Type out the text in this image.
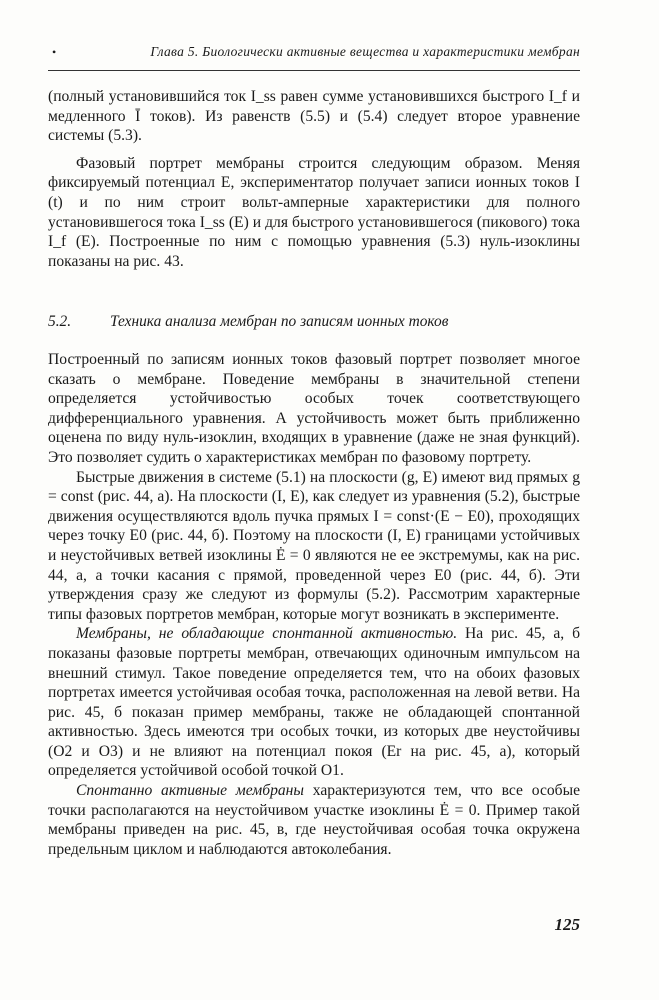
•	Глава 5. Биологически активные вещества и характеристики мембран

(полный установившийся ток I_ss равен сумме установившихся быстрого I_f и медленного Ī токов). Из равенств (5.5) и (5.4) следует второе уравнение системы (5.3).

Фазовый портрет мембраны строится следующим образом. Меняя фиксируемый потенциал E, экспериментатор получает записи ионных токов I (t) и по ним строит вольт-амперные характеристики для полного установившегося тока I_ss (E) и для быстрого установившегося (пикового) тока I_f (E). Построенные по ним с помощью уравнения (5.3) нуль-изоклины показаны на рис. 43.

5.2.	Техника анализа мембран по записям ионных токов

Построенный по записям ионных токов фазовый портрет позволяет многое сказать о мембране. Поведение мембраны в значительной степени определяется устойчивостью особых точек соответствующего дифференциального уравнения. А устойчивость может быть приближенно оценена по виду нуль-изоклин, входящих в уравнение (даже не зная функций). Это позволяет судить о характеристиках мембран по фазовому портрету.

Быстрые движения в системе (5.1) на плоскости (g, E) имеют вид прямых g = const (рис. 44, а). На плоскости (I, E), как следует из уравнения (5.2), быстрые движения осуществляются вдоль пучка прямых I = const·(E − E0), проходящих через точку E0 (рис. 44, б). Поэтому на плоскости (I, E) границами устойчивых и неустойчивых ветвей изоклины Ė = 0 являются не ее экстремумы, как на рис. 44, а, а точки касания с прямой, проведенной через E0 (рис. 44, б). Эти утверждения сразу же следуют из формулы (5.2). Рассмотрим характерные типы фазовых портретов мембран, которые могут возникать в эксперименте.

Мембраны, не обладающие спонтанной активностью. На рис. 45, а, б показаны фазовые портреты мембран, отвечающих одиночным импульсом на внешний стимул. Такое поведение определяется тем, что на обоих фазовых портретах имеется устойчивая особая точка, расположенная на левой ветви. На рис. 45, б показан пример мембраны, также не обладающей спонтанной активностью. Здесь имеются три особых точки, из которых две неустойчивы (O2 и O3) и не влияют на потенциал покоя (Er на рис. 45, а), который определяется устойчивой особой точкой O1.

Спонтанно активные мембраны характеризуются тем, что все особые точки располагаются на неустойчивом участке изоклины Ė = 0. Пример такой мембраны приведен на рис. 45, в, где неустойчивая особая точка окружена предельным циклом и наблюдаются автоколебания.

125
